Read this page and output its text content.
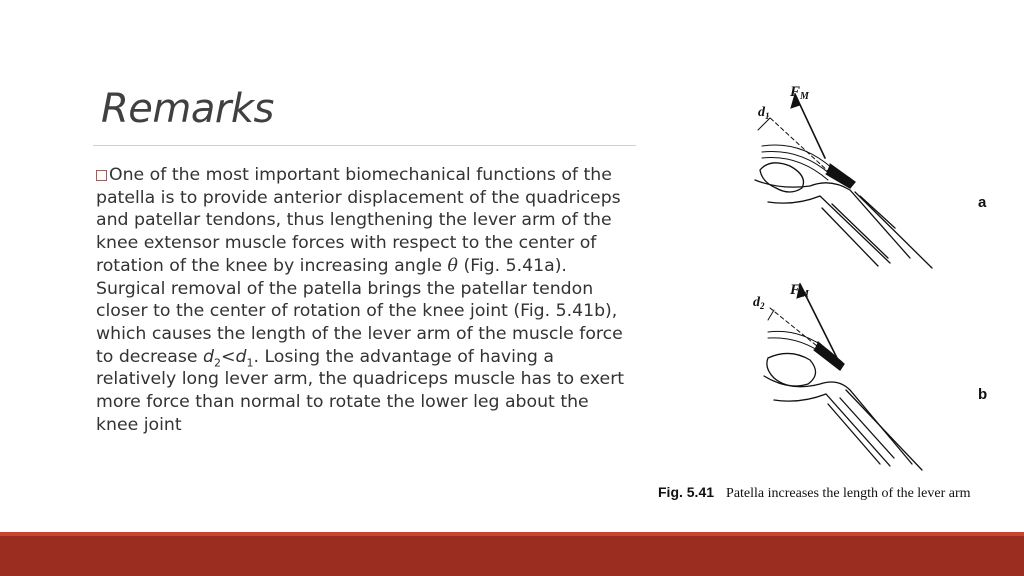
Remarks

One of the most important biomechanical functions of the patella is to provide anterior displacement of the quadriceps and patellar tendons, thus lengthening the lever arm of the knee extensor muscle forces with respect to the center of rotation of the knee by increasing angle θ (Fig. 5.41a). Surgical removal of the patella brings the patellar tendon closer to the center of rotation of the knee joint (Fig. 5.41b), which causes the length of the lever arm of the muscle force to decrease $d_2<d_1$. Losing the advantage of having a relatively long lever arm, the quadriceps muscle has to exert more force than normal to rotate the lower leg about the knee joint

$F_M$
$d_1$
$F_M$
$d_2$
a
b
Fig. 5.41 Patella increases the length of the lever arm
